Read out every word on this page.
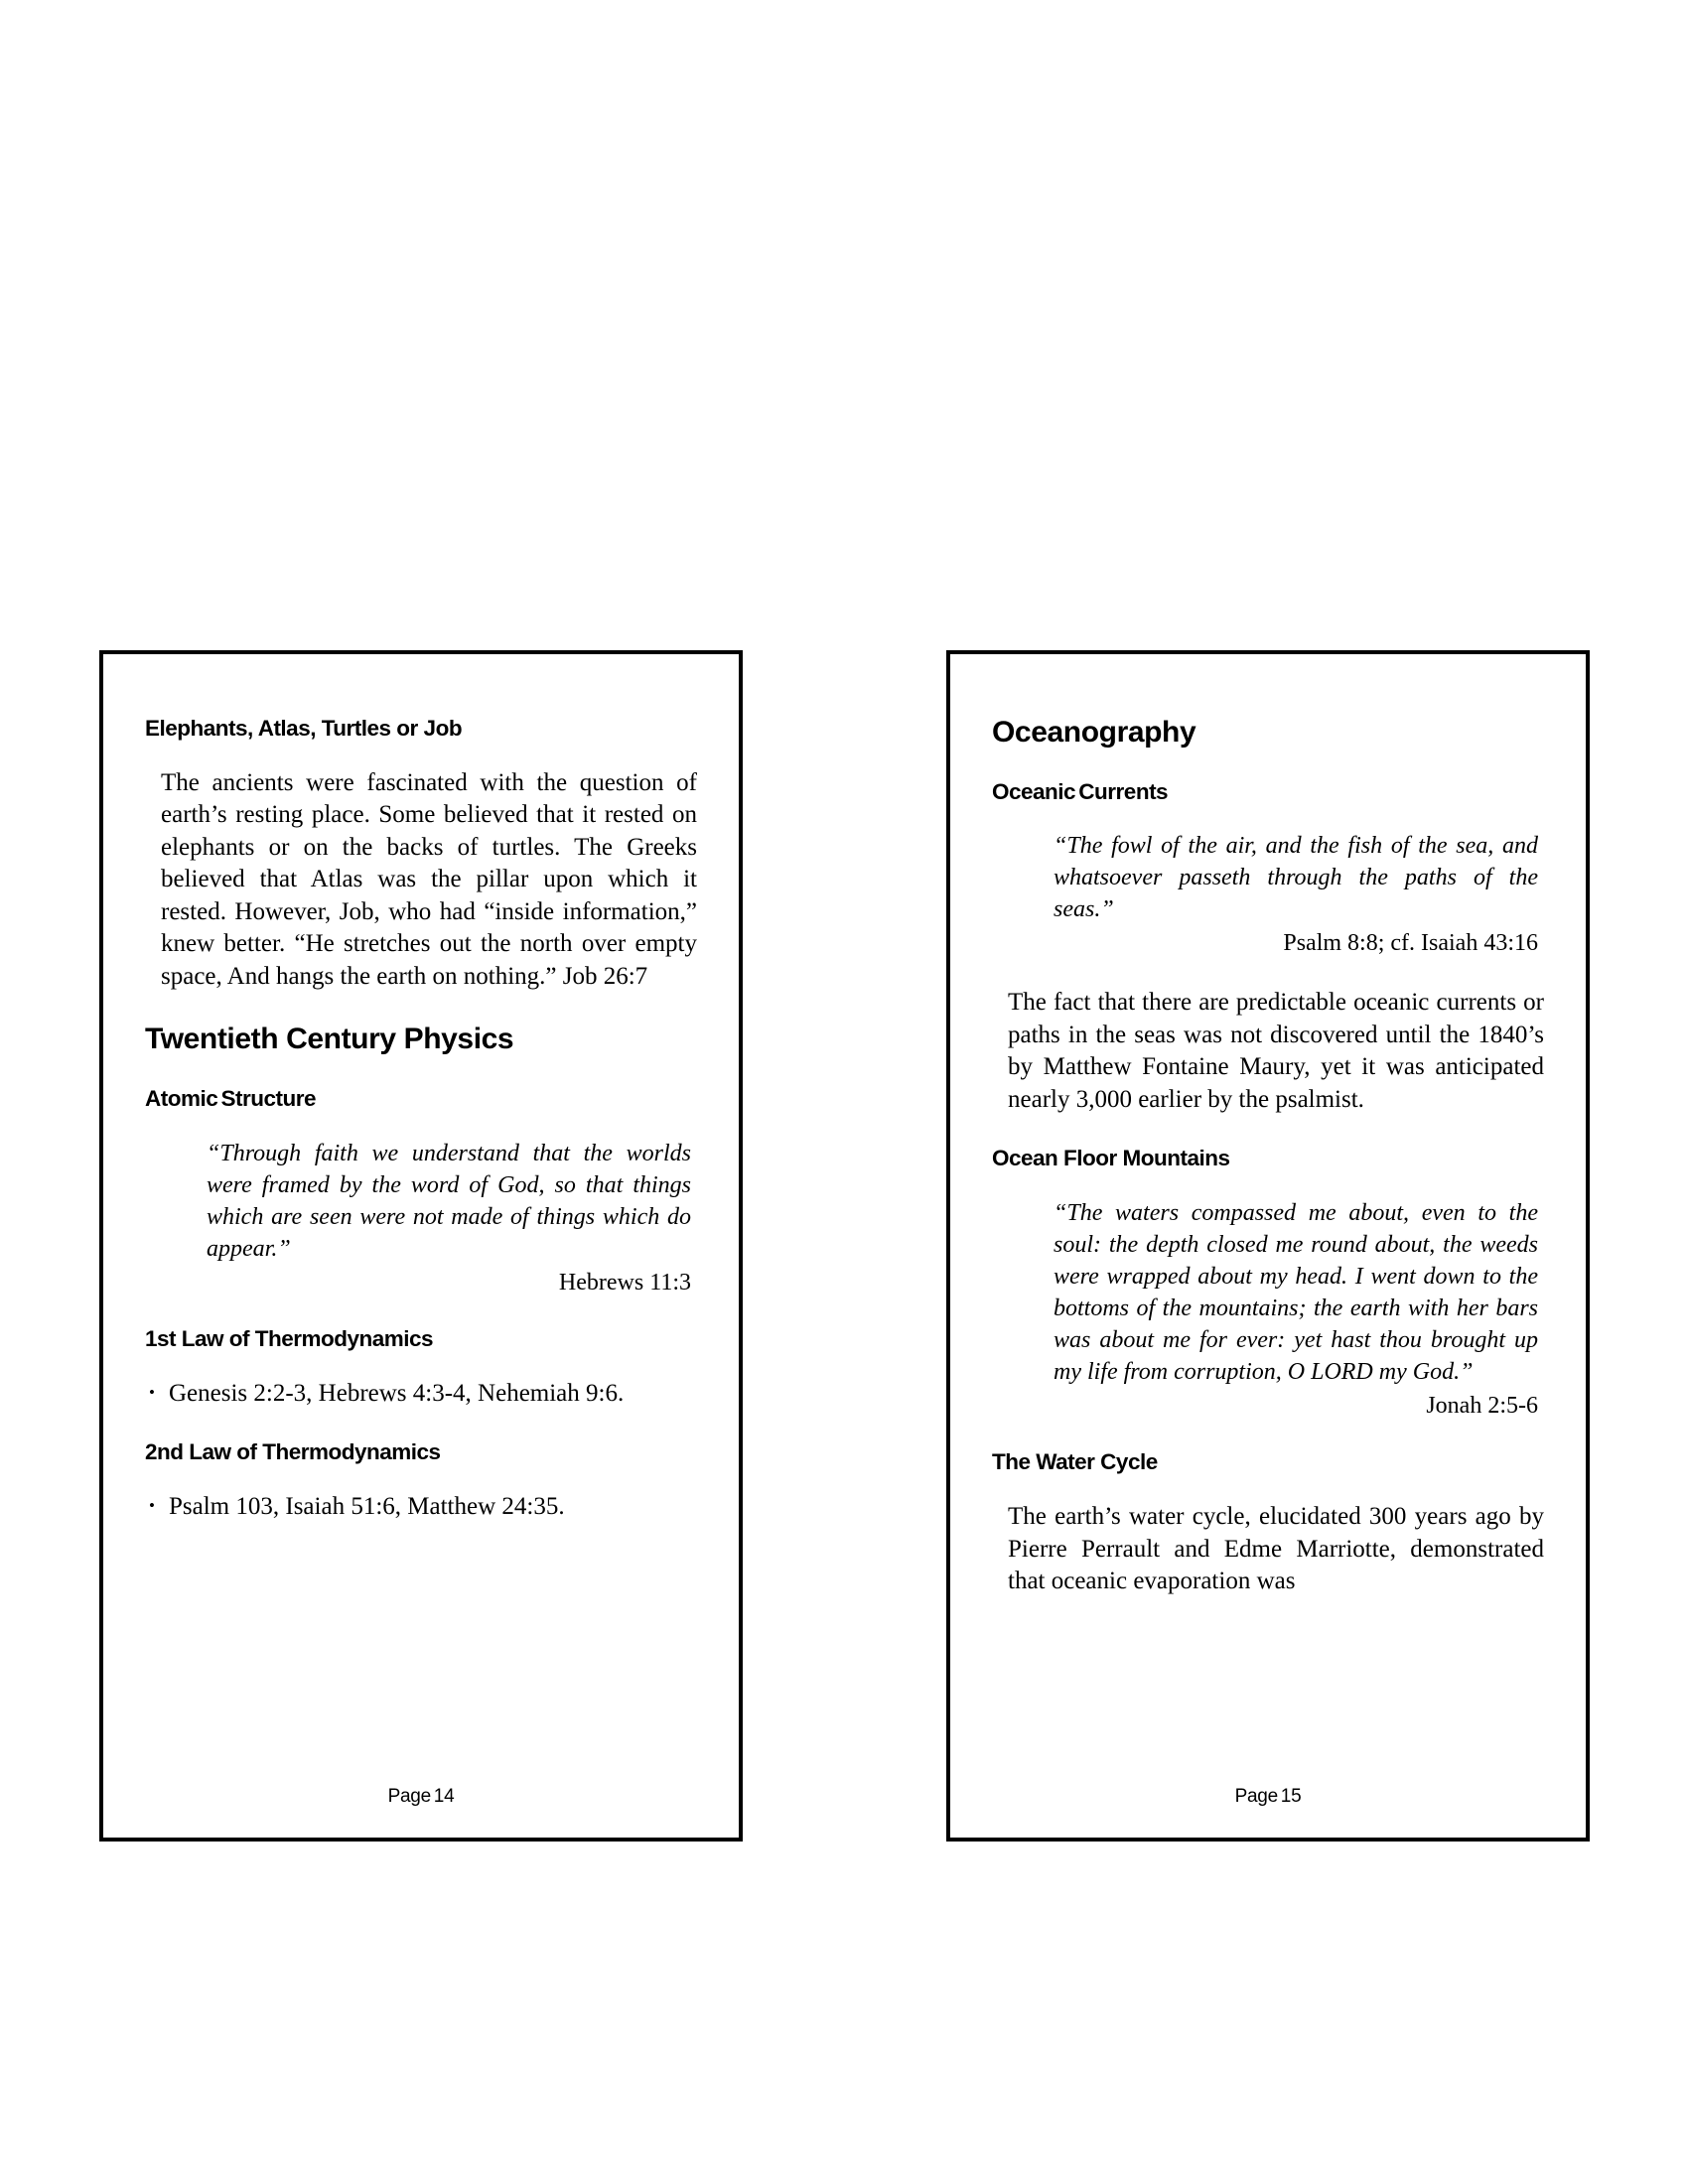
Elephants, Atlas, Turtles or Job

The ancients were fascinated with the question of earth’s resting place. Some believed that it rested on elephants or on the backs of turtles. The Greeks believed that Atlas was the pillar upon which it rested. However, Job, who had “inside information,” knew better. “He stretches out the north over empty space, And hangs the earth on nothing.” Job 26:7

Twentieth Century Physics
Atomic Structure
“Through faith we understand that the worlds were framed by the word of God, so that things which are seen were not made of things which do appear.”
Hebrews 11:3
1st Law of Thermodynamics
• Genesis 2:2-3, Hebrews 4:3-4, Nehemiah 9:6.
2nd Law of Thermodynamics
• Psalm 103, Isaiah 51:6, Matthew 24:35.
Page 14
Oceanography
Oceanic Currents
“The fowl of the air, and the fish of the sea, and whatsoever passeth through the paths of the seas.”
Psalm 8:8; cf. Isaiah 43:16

The fact that there are predictable oceanic currents or paths in the seas was not discovered until the 1840’s by Matthew Fontaine Maury, yet it was anticipated nearly 3,000 earlier by the psalmist.

Ocean Floor Mountains
“The waters compassed me about, even to the soul: the depth closed me round about, the weeds were wrapped about my head. I went down to the bottoms of the mountains; the earth with her bars was about me for ever: yet hast thou brought up my life from corruption, O LORD my God.”
Jonah 2:5-6
The Water Cycle

The earth’s water cycle, elucidated 300 years ago by Pierre Perrault and Edme Marriotte, demonstrated that oceanic evaporation was

Page 15
